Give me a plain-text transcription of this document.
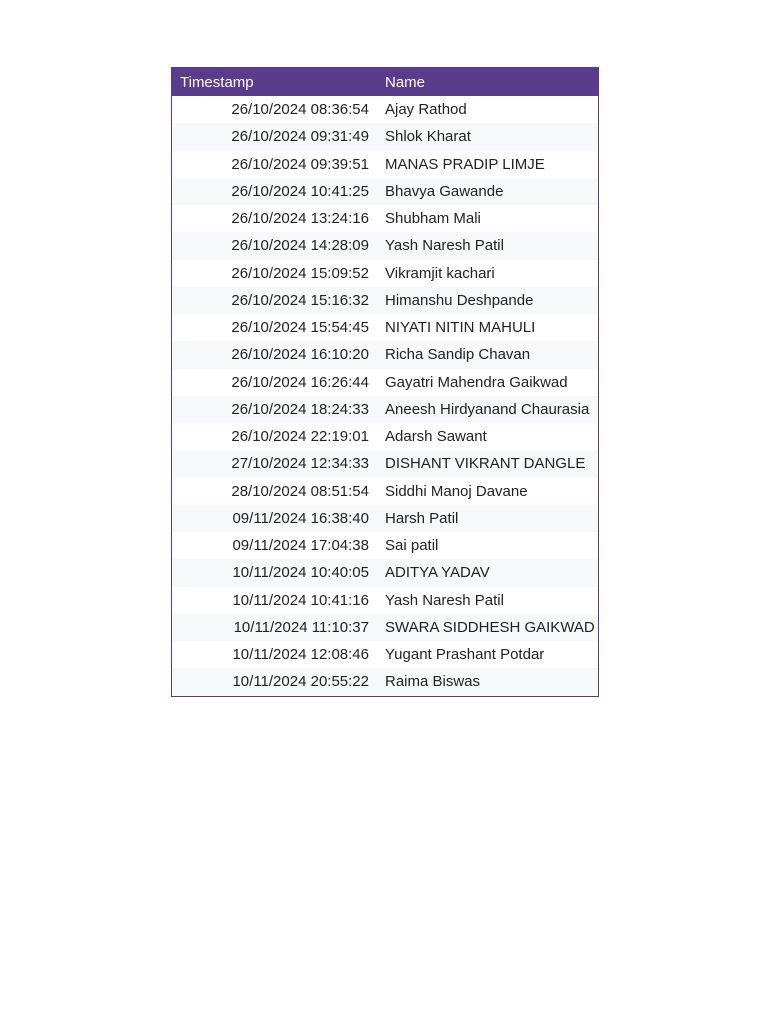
Timestamp	Name
26/10/2024 08:36:54	Ajay Rathod
26/10/2024 09:31:49	Shlok Kharat
26/10/2024 09:39:51	MANAS PRADIP LIMJE
26/10/2024 10:41:25	Bhavya Gawande
26/10/2024 13:24:16	Shubham Mali
26/10/2024 14:28:09	Yash Naresh Patil
26/10/2024 15:09:52	Vikramjit kachari
26/10/2024 15:16:32	Himanshu Deshpande
26/10/2024 15:54:45	NIYATI NITIN MAHULI
26/10/2024 16:10:20	Richa Sandip Chavan
26/10/2024 16:26:44	Gayatri Mahendra Gaikwad
26/10/2024 18:24:33	Aneesh Hirdyanand Chaurasia
26/10/2024 22:19:01	Adarsh Sawant
27/10/2024 12:34:33	DISHANT VIKRANT DANGLE
28/10/2024 08:51:54	Siddhi Manoj Davane
09/11/2024 16:38:40	Harsh Patil
09/11/2024 17:04:38	Sai patil
10/11/2024 10:40:05	ADITYA YADAV
10/11/2024 10:41:16	Yash Naresh Patil
10/11/2024 11:10:37	SWARA SIDDHESH GAIKWAD
10/11/2024 12:08:46	Yugant Prashant Potdar
10/11/2024 20:55:22	Raima Biswas
